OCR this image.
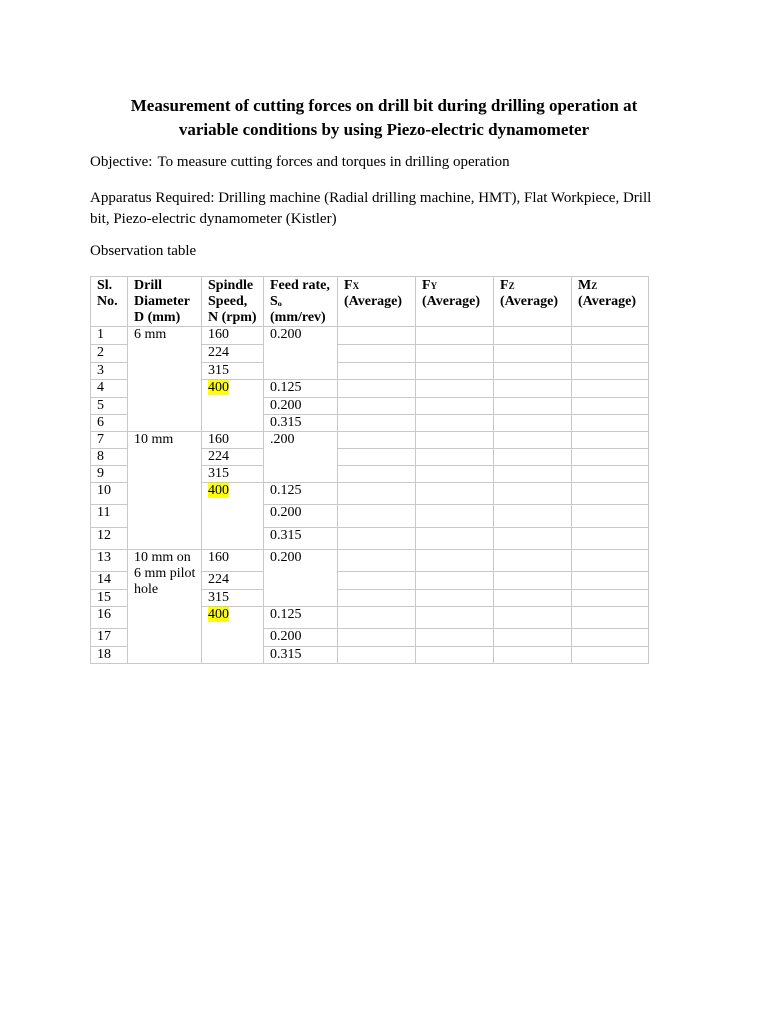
Measurement of cutting forces on drill bit during drilling operation at
variable conditions by using Piezo-electric dynamometer
Objective: To measure cutting forces and torques in drilling operation
Apparatus Required: Drilling machine (Radial drilling machine, HMT), Flat Workpiece, Drill bit, Piezo-electric dynamometer (Kistler)
Observation table
Sl.
No.	Drill
Diameter
D (mm)	Spindle
Speed,
N (rpm)	Feed rate,
Sₒ
(mm/rev)	FX
(Average)	FY
(Average)	FZ
(Average)	MZ
(Average)

1	6 mm	160	0.200				
2		224					
3		315					
4		400	0.125				
5			0.200				
6			0.315				
7	10 mm	160	.200				
8		224					
9		315					
10		400	0.125				
11			0.200				
12			0.315				
13	10 mm on 6 mm pilot hole	160	0.200				
14		224					
15		315					
16		400	0.125				
17			0.200				
18			0.315				
